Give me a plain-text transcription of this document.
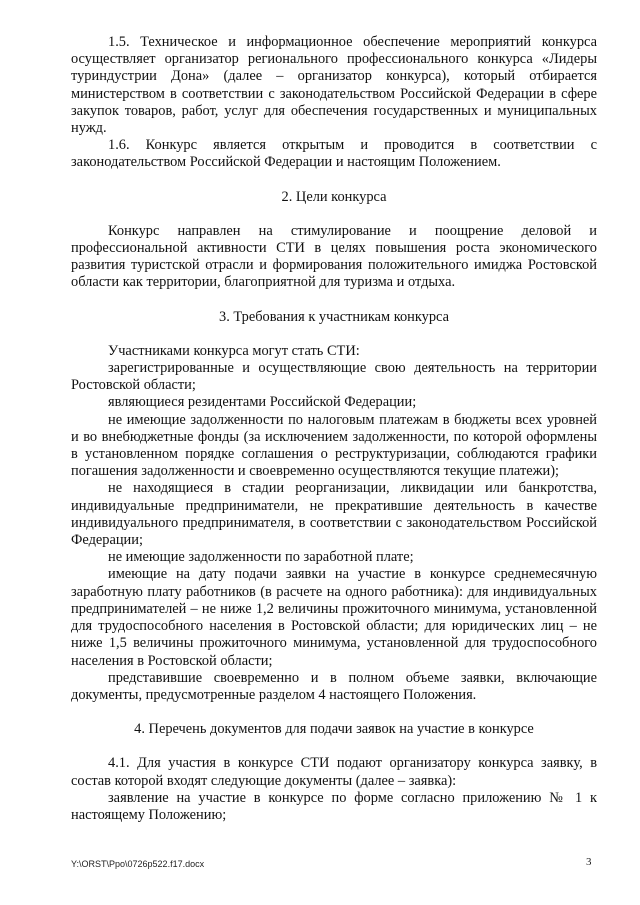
1.5. Техническое и информационное обеспечение мероприятий конкурса осуществляет организатор регионального профессионального конкурса «Лидеры туриндустрии Дона» (далее – организатор конкурса), который отбирается министерством в соответствии с законодательством Российской Федерации в сфере закупок товаров, работ, услуг для обеспечения государственных и муниципальных нужд.

1.6. Конкурс является открытым и проводится в соответствии с законодательством Российской Федерации и настоящим Положением.

2. Цели конкурса

Конкурс направлен на стимулирование и поощрение деловой и профессиональной активности СТИ в целях повышения роста экономического развития туристской отрасли и формирования положительного имиджа Ростовской области как территории, благоприятной для туризма и отдыха.

3. Требования к участникам конкурса

Участниками конкурса могут стать СТИ:

зарегистрированные и осуществляющие свою деятельность на территории Ростовской области;

являющиеся резидентами Российской Федерации;

не имеющие задолженности по налоговым платежам в бюджеты всех уровней и во внебюджетные фонды (за исключением задолженности, по которой оформлены в установленном порядке соглашения о реструктуризации, соблюдаются графики погашения задолженности и своевременно осуществляются текущие платежи);

не находящиеся в стадии реорганизации, ликвидации или банкротства, индивидуальные предприниматели, не прекратившие деятельность в качестве индивидуального предпринимателя, в соответствии с законодательством Российской Федерации;

не имеющие задолженности по заработной плате;

имеющие на дату подачи заявки на участие в конкурсе среднемесячную заработную плату работников (в расчете на одного работника): для индивидуальных предпринимателей – не ниже 1,2 величины прожиточного минимума, установленной для трудоспособного населения в Ростовской области; для юридических лиц – не ниже 1,5 величины прожиточного минимума, установленной для трудоспособного населения в Ростовской области;

представившие своевременно и в полном объеме заявки, включающие документы, предусмотренные разделом 4 настоящего Положения.

4. Перечень документов для подачи заявок на участие в конкурсе

4.1. Для участия в конкурсе СТИ подают организатору конкурса заявку, в состав которой входят следующие документы (далее – заявка):

заявление на участие в конкурсе по форме согласно приложению № 1 к настоящему Положению;

Y:\ORST\Ppo\0726p522.f17.docx	3
